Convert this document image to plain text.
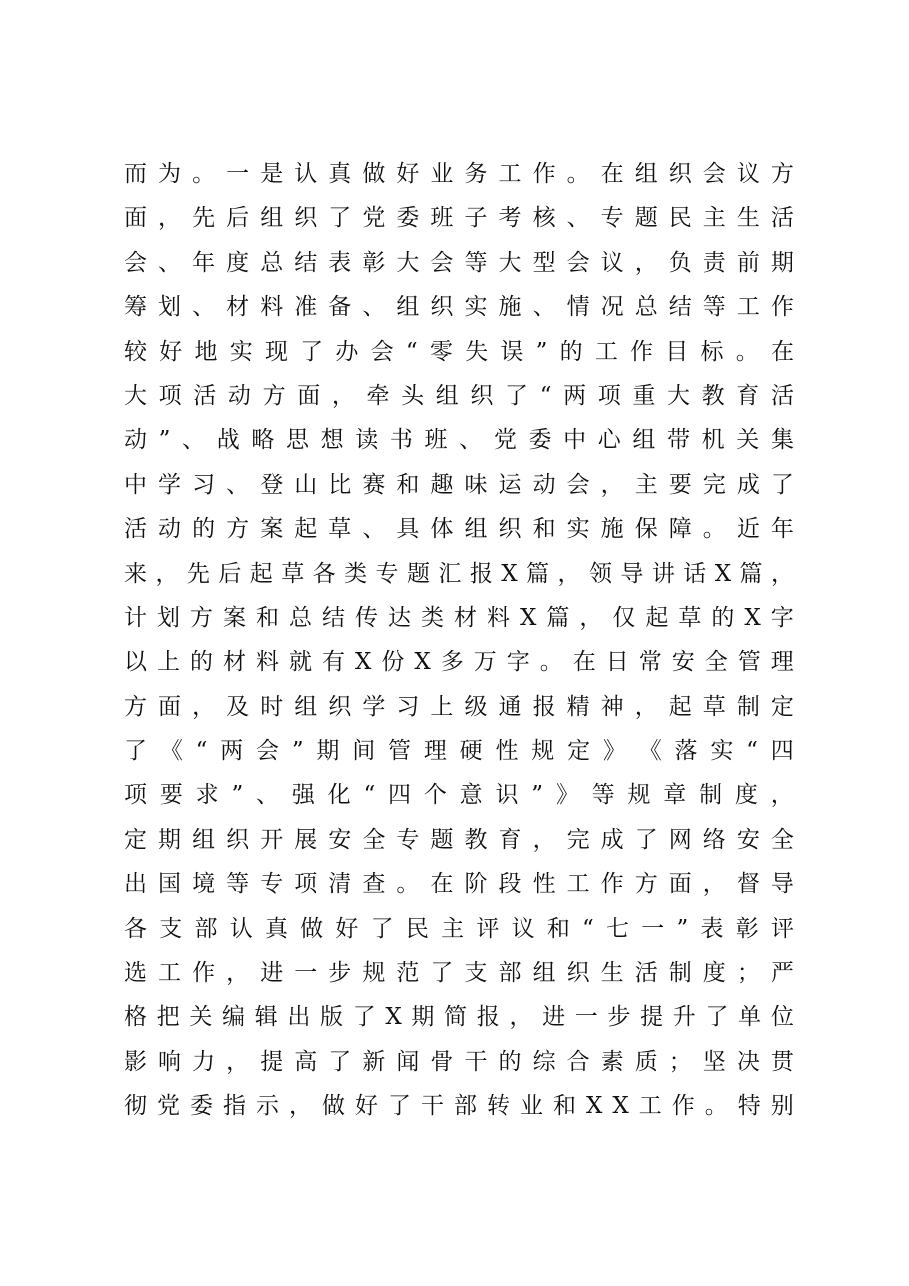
而 为 。 一 是 认 真 做 好 业 务 工 作 。 在 组 织 会 议 方
面 ， 先 后 组 织 了 党 委 班 子 考 核 、 专 题 民 主 生 活
会 、 年 度 总 结 表 彰 大 会 等 大 型 会 议 ， 负 责 前 期
筹 划 、 材 料 准 备 、 组 织 实 施 、 情 况 总 结 等 工 作
较 好 地 实 现 了 办 会 “ 零 失 误 ” 的 工 作 目 标 。 在
大 项 活 动 方 面 ， 牵 头 组 织 了 “ 两 项 重 大 教 育 活
动 ” 、 战 略 思 想 读 书 班 、 党 委 中 心 组 带 机 关 集
中 学 习 、 登 山 比 赛 和 趣 味 运 动 会 ， 主 要 完 成 了
活 动 的 方 案 起 草 、 具 体 组 织 和 实 施 保 障 。 近 年
来 ， 先 后 起 草 各 类 专 题 汇 报 X 篇 ， 领 导 讲 话 X 篇 ，
计 划 方 案 和 总 结 传 达 类 材 料 X 篇 ， 仅 起 草 的 X 字
以 上 的 材 料 就 有 X 份 X 多 万 字 。 在 日 常 安 全 管 理
方 面 ， 及 时 组 织 学 习 上 级 通 报 精 神 ， 起 草 制 定
了 《 “ 两 会 ” 期 间 管 理 硬 性 规 定 》 《 落 实 “ 四
项 要 求 ” 、 强 化 “ 四 个 意 识 ” 》 等 规 章 制 度 ，
定 期 组 织 开 展 安 全 专 题 教 育 ， 完 成 了 网 络 安 全
出 国 境 等 专 项 清 查 。 在 阶 段 性 工 作 方 面 ， 督 导
各 支 部 认 真 做 好 了 民 主 评 议 和 “ 七 一 ” 表 彰 评
选 工 作 ， 进 一 步 规 范 了 支 部 组 织 生 活 制 度 ； 严
格 把 关 编 辑 出 版 了 X 期 简 报 ， 进 一 步 提 升 了 单 位
影 响 力 ， 提 高 了 新 闻 骨 干 的 综 合 素 质 ； 坚 决 贯
彻 党 委 指 示 ， 做 好 了 干 部 转 业 和 X X 工 作 。 特 别
